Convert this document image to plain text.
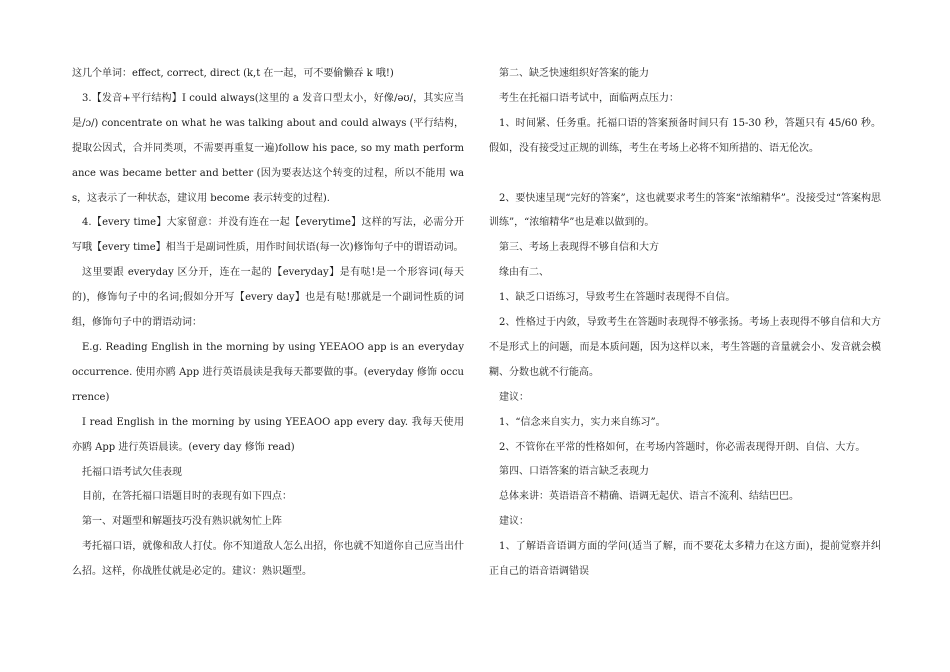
这几个单词：effect, correct, direct (k,t 在一起，可不要偷懒吞 k 哦!)

3.【发音+平行结构】I could always(这里的 a 发音口型太小，好像/əʊ/，其实应当是/ɔ/) concentrate on what he was talking about and could always (平行结构，提取公因式，合并同类项，不需要再重复一遍)follow his pace, so my math performance was became better and better (因为要表达这个转变的过程，所以不能用 was，这表示了一种状态，建议用 become 表示转变的过程).

4.【every time】大家留意：并没有连在一起【everytime】这样的写法，必需分开写哦【every time】相当于是副词性质，用作时间状语(每一次)修饰句子中的谓语动词。

这里要跟 everyday 区分开，连在一起的【everyday】是有哒!是一个形容词(每天的)，修饰句子中的名词;假如分开写【every day】也是有哒!那就是一个副词性质的词组，修饰句子中的谓语动词：

E.g. Reading English in the morning by using YEEAOO app is an everyday occurrence. 使用亦鸥 App 进行英语晨读是我每天都要做的事。(everyday 修饰 occurrence)

I read English in the morning by using YEEAOO app every day. 我每天使用亦鸥 App 进行英语晨读。(every day 修饰 read)

托福口语考试欠佳表现

目前，在答托福口语题目时的表现有如下四点：

第一、对题型和解题技巧没有熟识就匆忙上阵

考托福口语，就像和敌人打仗。你不知道敌人怎么出招，你也就不知道你自己应当出什么招。这样，你战胜仗就是必定的。建议：熟识题型。

第二、缺乏快速组织好答案的能力

考生在托福口语考试中，面临两点压力：

1、时间紧、任务重。托福口语的答案预备时间只有 15-30 秒，答题只有 45/60 秒。假如，没有接受过正规的训练，考生在考场上必将不知所措的、语无伦次。

2、要快速呈现“完好的答案”，这也就要求考生的答案“浓缩精华”。没接受过“答案构思训练”，“浓缩精华”也是难以做到的。

第三、考场上表现得不够自信和大方

缘由有二、

1、缺乏口语练习，导致考生在答题时表现得不自信。

2、性格过于内敛，导致考生在答题时表现得不够张扬。考场上表现得不够自信和大方不是形式上的问题，而是本质问题，因为这样以来，考生答题的音量就会小、发音就会模糊、分数也就不行能高。

建议：

1、“信念来自实力，实力来自练习”。

2、不管你在平常的性格如何，在考场内答题时，你必需表现得开朗、自信、大方。

第四、口语答案的语言缺乏表现力

总体来讲：英语语音不精确、语调无起伏、语言不流利、结结巴巴。

建议：

1、了解语音语调方面的学问(适当了解，而不要花太多精力在这方面)，提前觉察并纠正自己的语音语调错误
